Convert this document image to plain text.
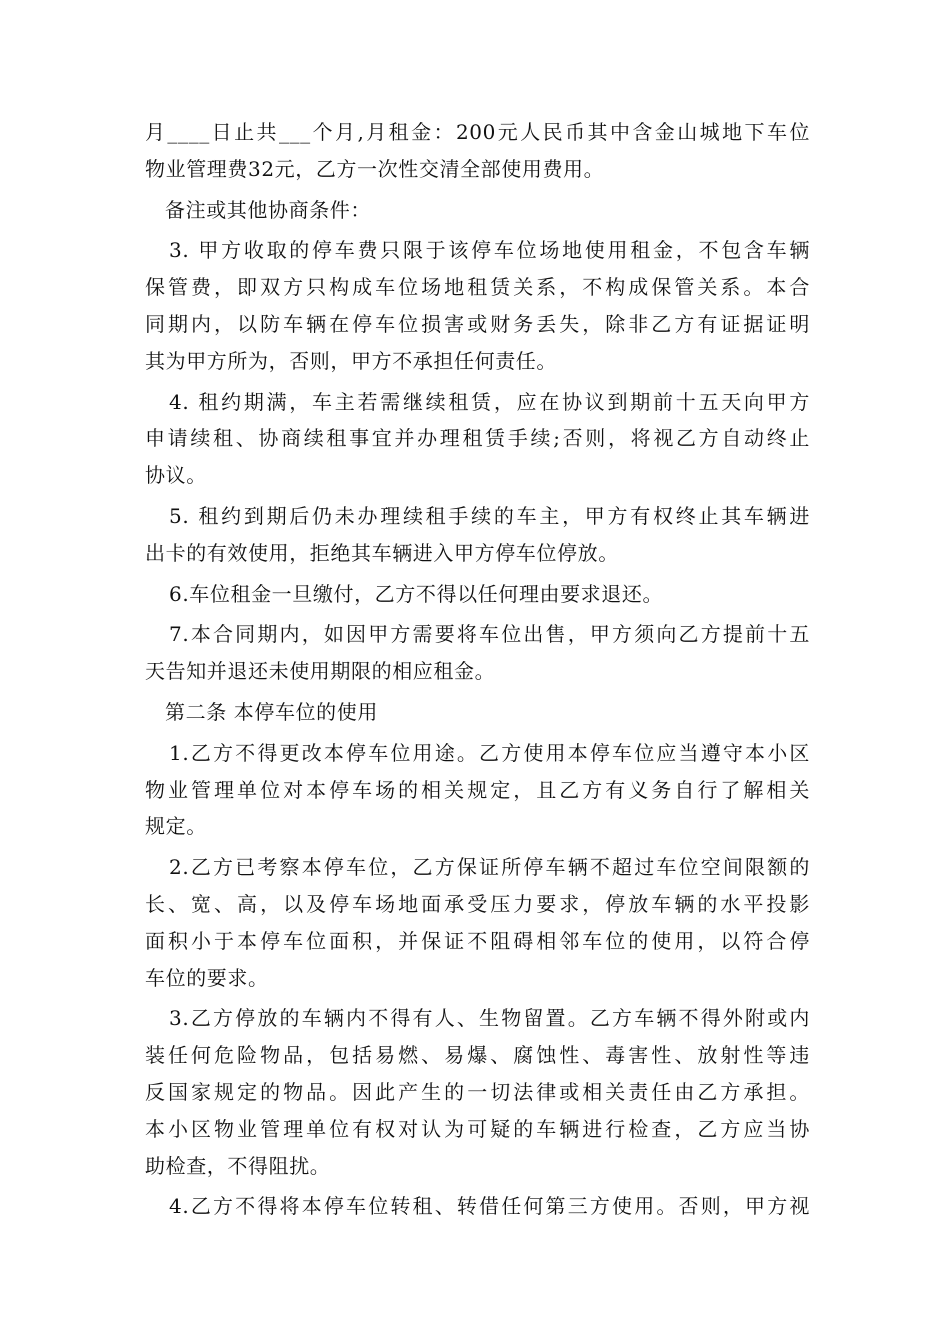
月____日止共___个月,月租金：200元人民币其中含金山城地下车位
物业管理费32元，乙方一次性交清全部使用费用。
备注或其他协商条件：
3. 甲方收取的停车费只限于该停车位场地使用租金，不包含车辆
保管费，即双方只构成车位场地租赁关系，不构成保管关系。本合
同期内，以防车辆在停车位损害或财务丢失，除非乙方有证据证明
其为甲方所为，否则，甲方不承担任何责任。
4. 租约期满，车主若需继续租赁，应在协议到期前十五天向甲方
申请续租、协商续租事宜并办理租赁手续;否则，将视乙方自动终止
协议。
5. 租约到期后仍未办理续租手续的车主，甲方有权终止其车辆进
出卡的有效使用，拒绝其车辆进入甲方停车位停放。
6.车位租金一旦缴付，乙方不得以任何理由要求退还。
7.本合同期内，如因甲方需要将车位出售，甲方须向乙方提前十五
天告知并退还未使用期限的相应租金。
第二条 本停车位的使用
1.乙方不得更改本停车位用途。乙方使用本停车位应当遵守本小区
物业管理单位对本停车场的相关规定，且乙方有义务自行了解相关
规定。
2.乙方已考察本停车位，乙方保证所停车辆不超过车位空间限额的
长、宽、高，以及停车场地面承受压力要求，停放车辆的水平投影
面积小于本停车位面积，并保证不阻碍相邻车位的使用，以符合停
车位的要求。
3.乙方停放的车辆内不得有人、生物留置。乙方车辆不得外附或内
装任何危险物品，包括易燃、易爆、腐蚀性、毒害性、放射性等违
反国家规定的物品。因此产生的一切法律或相关责任由乙方承担。
本小区物业管理单位有权对认为可疑的车辆进行检查，乙方应当协
助检查，不得阻扰。
4.乙方不得将本停车位转租、转借任何第三方使用。否则，甲方视
